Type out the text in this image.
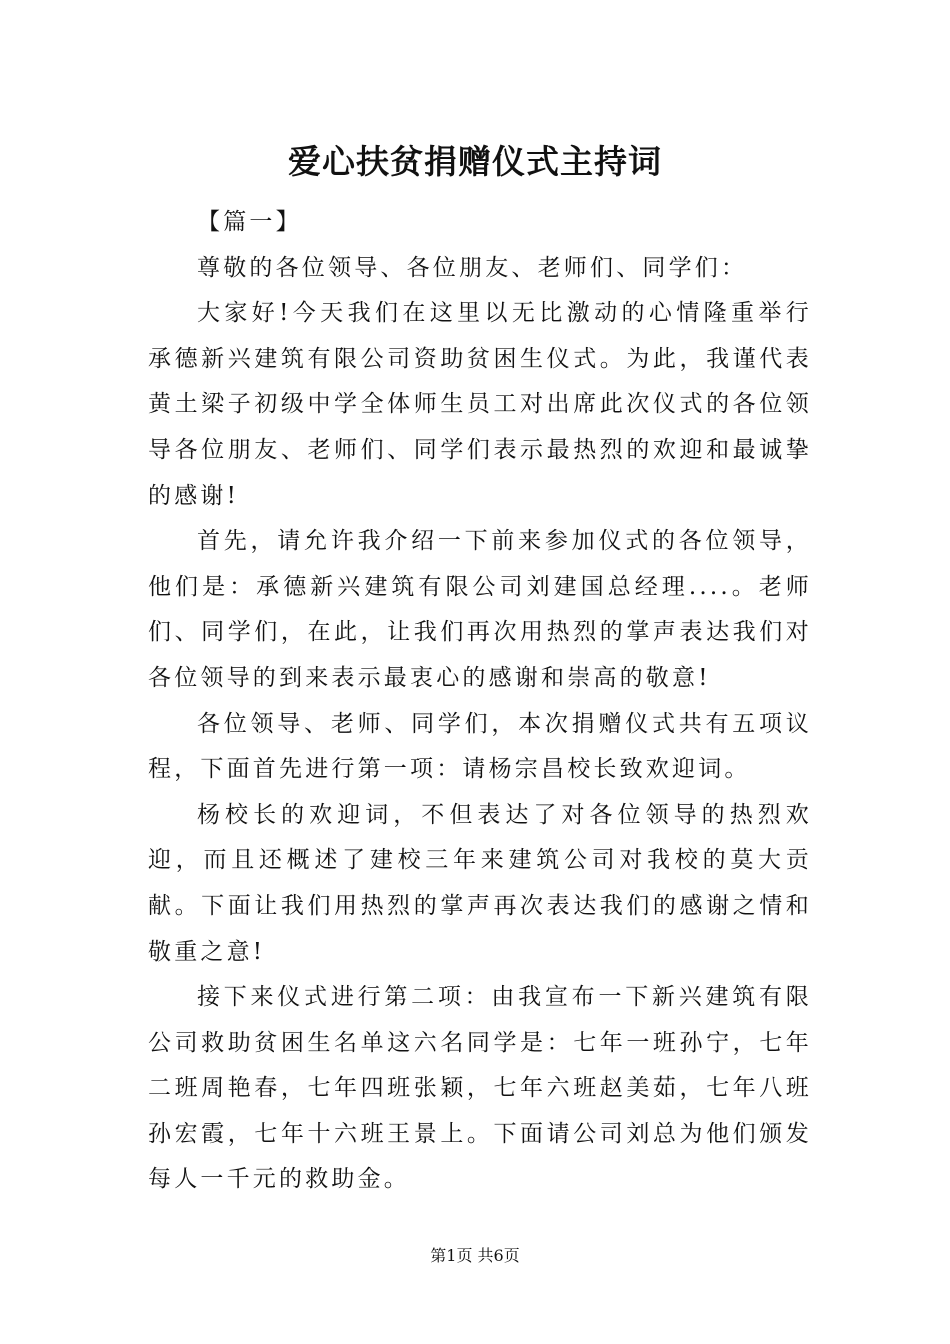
爱心扶贫捐赠仪式主持词

【篇一】

尊敬的各位领导、各位朋友、老师们、同学们：

大家好!今天我们在这里以无比激动的心情隆重举行承德新兴建筑有限公司资助贫困生仪式。为此，我谨代表黄土梁子初级中学全体师生员工对出席此次仪式的各位领导各位朋友、老师们、同学们表示最热烈的欢迎和最诚挚的感谢!

首先，请允许我介绍一下前来参加仪式的各位领导，他们是：承德新兴建筑有限公司刘建国总经理....。老师们、同学们，在此，让我们再次用热烈的掌声表达我们对各位领导的到来表示最衷心的感谢和崇高的敬意!

各位领导、老师、同学们，本次捐赠仪式共有五项议程，下面首先进行第一项：请杨宗昌校长致欢迎词。

杨校长的欢迎词，不但表达了对各位领导的热烈欢迎，而且还概述了建校三年来建筑公司对我校的莫大贡献。下面让我们用热烈的掌声再次表达我们的感谢之情和敬重之意!

接下来仪式进行第二项：由我宣布一下新兴建筑有限公司救助贫困生名单这六名同学是：七年一班孙宁，七年二班周艳春，七年四班张颖，七年六班赵美茹，七年八班孙宏霞，七年十六班王景上。下面请公司刘总为他们颁发每人一千元的救助金。

第1页 共6页
